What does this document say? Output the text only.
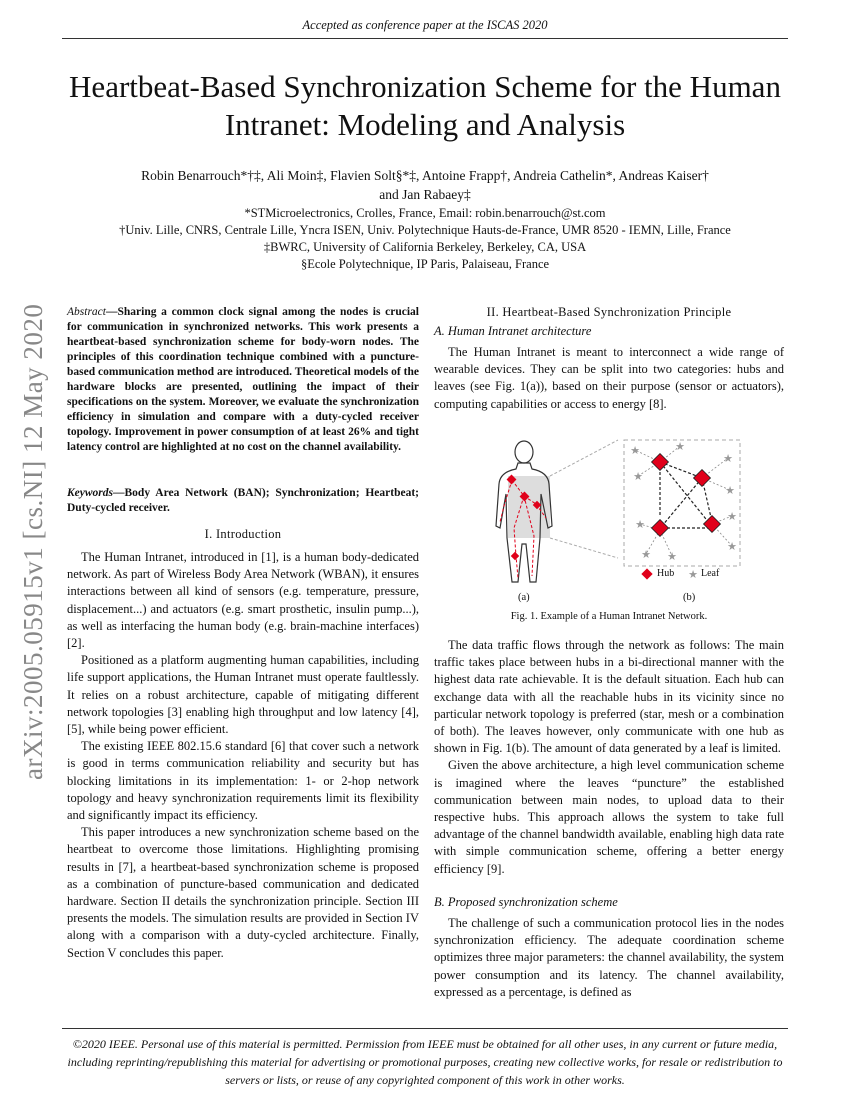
Accepted as conference paper at the ISCAS 2020
Heartbeat-Based Synchronization Scheme for the Human Intranet: Modeling and Analysis
Robin Benarrouch*†‡, Ali Moin‡, Flavien Solt§*‡, Antoine Frapp†, Andreia Cathelin*, Andreas Kaiser†
and Jan Rabaey‡
*STMicroelectronics, Crolles, France, Email: robin.benarrouch@st.com
†Univ. Lille, CNRS, Centrale Lille, Yncra ISEN, Univ. Polytechnique Hauts-de-France, UMR 8520 - IEMN, Lille, France
‡BWRC, University of California Berkeley, Berkeley, CA, USA
§Ecole Polytechnique, IP Paris, Palaiseau, France
arXiv:2005.05915v1 [cs.NI] 12 May 2020	Abstract—Sharing a common clock signal among the nodes is crucial for communication in synchronized networks. This work presents a heartbeat-based synchronization scheme for body-worn nodes. The principles of this coordination technique combined with a puncture-based communication method are introduced. Theoretical models of the hardware blocks are presented, outlining the impact of their specifications on the system. Moreover, we evaluate the synchronization efficiency in simulation and compare with a duty-cycled receiver topology. Improvement in power consumption of at least 26% and tight latency control are highlighted at no cost on the channel availability.
Keywords—Body Area Network (BAN); Synchronization; Heartbeat; Duty-cycled receiver.
I. Introduction

The Human Intranet, introduced in [1], is a human body-dedicated network. As part of Wireless Body Area Network (WBAN), it ensures interactions between all kind of sensors (e.g. temperature, pressure, displacement...) and actuators (e.g. smart prosthetic, insulin pump...), as well as interfacing the human body (e.g. brain-machine interfaces) [2].

Positioned as a platform augmenting human capabilities, including life support applications, the Human Intranet must operate faultlessly. It relies on a robust architecture, capable of mitigating different network topologies [3] enabling high throughput and low latency [4], [5], while being power efficient.

The existing IEEE 802.15.6 standard [6] that cover such a network is good in terms communication reliability and security but has blocking limitations in its implementation: 1- or 2-hop network topology and heavy synchronization requirements limit its flexibility and significantly impact its efficiency.

This paper introduces a new synchronization scheme based on the heartbeat to overcome those limitations. Highlighting promising results in [7], a heartbeat-based synchronization scheme is proposed as a combination of puncture-based communication and dedicated hardware. Section II details the synchronization principle. Section III presents the models. The simulation results are provided in Section IV along with a comparison with a duty-cycled architecture. Finally, Section V concludes this paper.

II. Heartbeat-Based Synchronization Principle
A. Human Intranet architecture

The Human Intranet is meant to interconnect a wide range of wearable devices. They can be split into two categories: hubs and leaves (see Fig. 1(a)), based on their purpose (sensor or actuators), computing capabilities or access to energy [8].

★	★
★
★
★
★
★ ★
★
★
★
Hub	Leaf
(a)	(b)
Fig. 1. Example of a Human Intranet Network.

The data traffic flows through the network as follows: The main traffic takes place between hubs in a bi-directional manner with the highest data rate achievable. It is the default situation. Each hub can exchange data with all the reachable hubs in its vicinity since no particular network topology is preferred (star, mesh or a combination of both). The leaves however, only communicate with one hub as shown in Fig. 1(b). The amount of data generated by a leaf is limited.

Given the above architecture, a high level communication scheme is imagined where the leaves “puncture” the established communication between main nodes, to upload data to their respective hubs. This approach allows the system to take full advantage of the channel bandwidth available, enabling high data rate with simple communication scheme, offering a better energy efficiency [9].

B. Proposed synchronization scheme

The challenge of such a communication protocol lies in the nodes synchronization efficiency. The adequate coordination scheme optimizes three major parameters: the channel availability, the system power consumption and its latency. The channel availability, expressed as a percentage, is defined as

©2020 IEEE. Personal use of this material is permitted. Permission from IEEE must be obtained for all other uses, in any current or future media, including reprinting/republishing this material for advertising or promotional purposes, creating new collective works, for resale or redistribution to servers or lists, or reuse of any copyrighted component of this work in other works.
